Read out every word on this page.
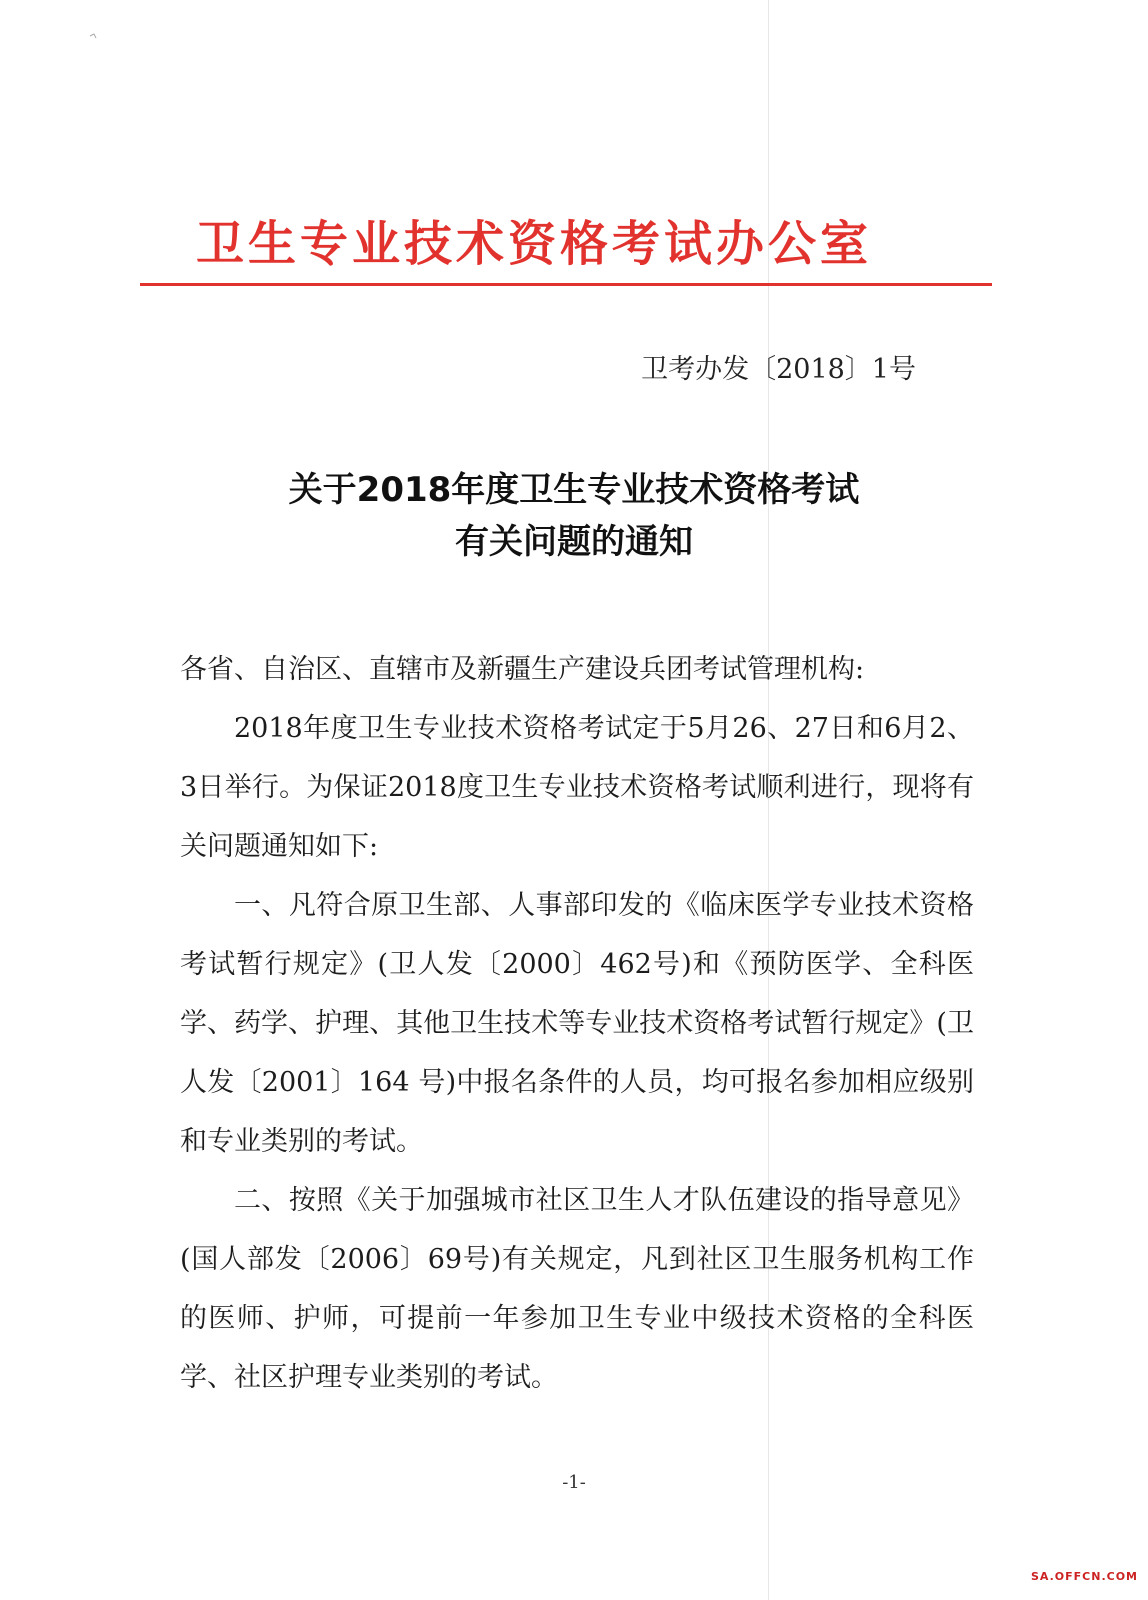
卫生专业技术资格考试办公室
卫考办发〔2018〕1号
关于2018年度卫生专业技术资格考试
有关问题的通知

各省、自治区、直辖市及新疆生产建设兵团考试管理机构:

2018年度卫生专业技术资格考试定于5月26、27日和6月2、3日举行。为保证2018度卫生专业技术资格考试顺利进行，现将有关问题通知如下:

一、凡符合原卫生部、人事部印发的《临床医学专业技术资格考试暂行规定》(卫人发〔2000〕462号)和《预防医学、全科医学、药学、护理、其他卫生技术等专业技术资格考试暂行规定》(卫人发〔2001〕164 号)中报名条件的人员，均可报名参加相应级别和专业类别的考试。

二、按照《关于加强城市社区卫生人才队伍建设的指导意见》(国人部发〔2006〕69号)有关规定，凡到社区卫生服务机构工作的医师、护师，可提前一年参加卫生专业中级技术资格的全科医学、社区护理专业类别的考试。

-1-
SA.OFFCN.COM
